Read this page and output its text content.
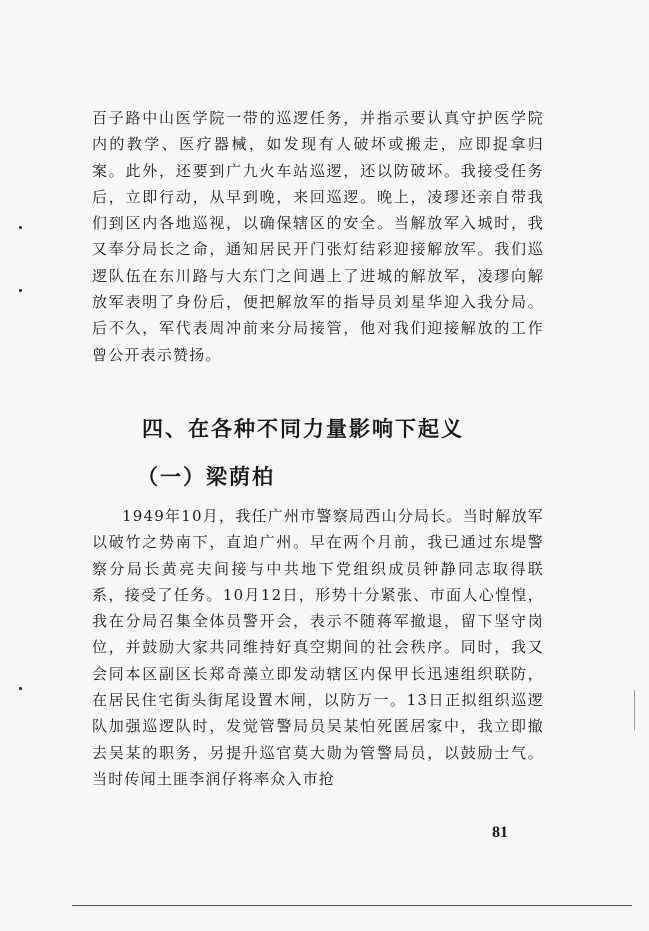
百子路中山医学院一带的巡逻任务，并指示要认真守护医学院内的教学、医疗器械，如发现有人破坏或搬走，应即捉拿归案。此外，还要到广九火车站巡逻，还以防破坏。我接受任务后，立即行动，从早到晚，来回巡逻。晚上，凌璆还亲自带我们到区内各地巡视，以确保辖区的安全。当解放军入城时，我又奉分局长之命，通知居民开门张灯结彩迎接解放军。我们巡逻队伍在东川路与大东门之间遇上了进城的解放军，凌璆向解放军表明了身份后，便把解放军的指导员刘星华迎入我分局。后不久，军代表周冲前来分局接管，他对我们迎接解放的工作曾公开表示赞扬。

四、在各种不同力量影响下起义
（一）梁荫柏

1949年10月，我任广州市警察局西山分局长。当时解放军以破竹之势南下，直迫广州。早在两个月前，我已通过东堤警察分局长黄亮夫间接与中共地下党组织成员钟静同志取得联系，接受了任务。10月12日，形势十分紧张、市面人心惶惶，我在分局召集全体员警开会，表示不随蒋军撤退，留下坚守岗位，并鼓励大家共同维持好真空期间的社会秩序。同时，我又会同本区副区长郑奇藻立即发动辖区内保甲长迅速组织联防，在居民住宅街头街尾设置木闸，以防万一。13日正拟组织巡逻队加强巡逻队时，发觉管警局员吴某怕死匿居家中，我立即撤去吴某的职务，另提升巡官莫大勋为管警局员，以鼓励士气。当时传闻土匪李润仔将率众入市抢

81
